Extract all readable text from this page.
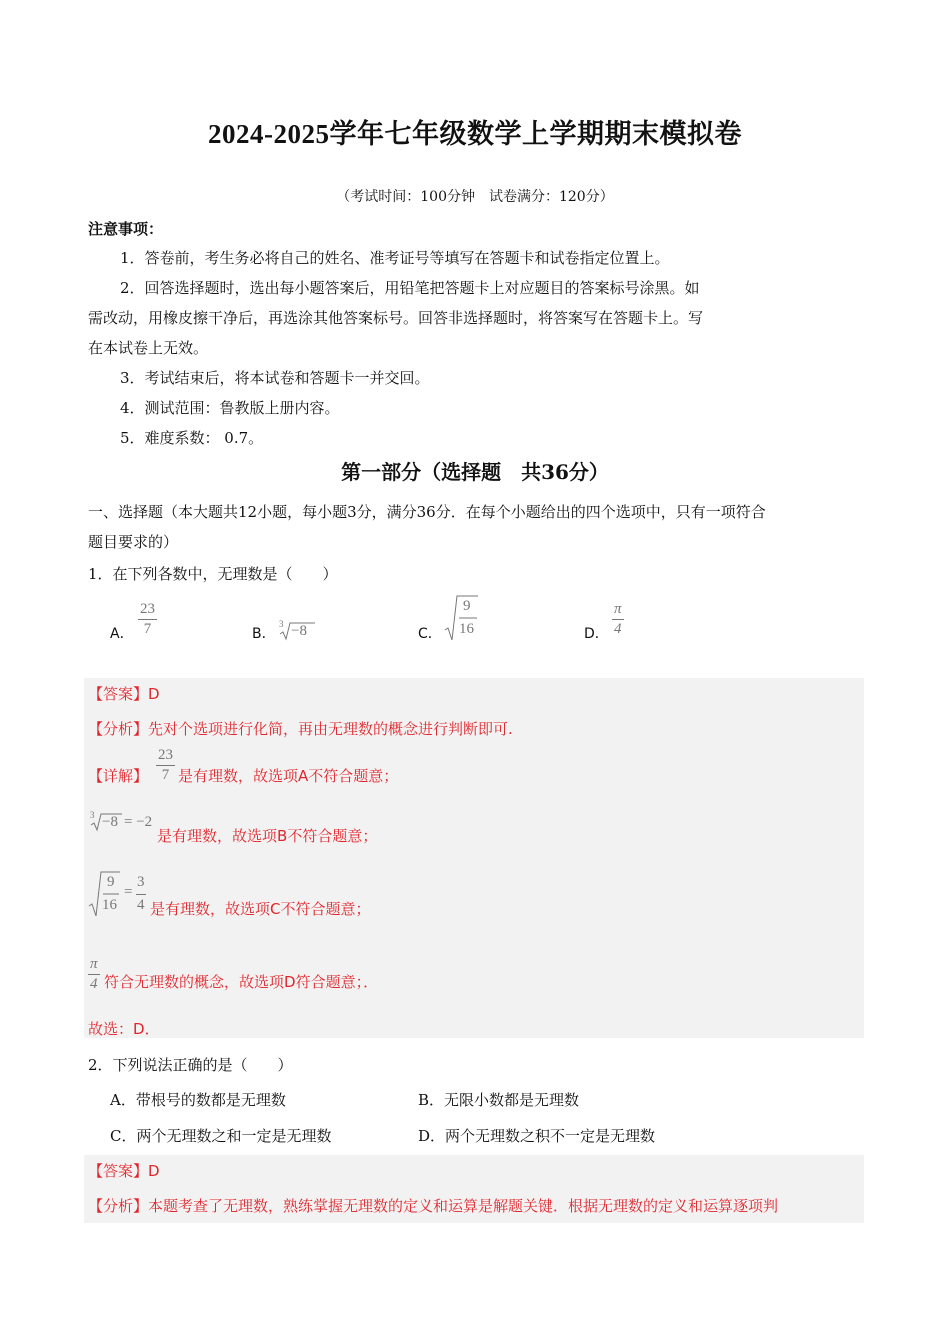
2024-2025学年七年级数学上学期期末模拟卷
（考试时间：100分钟　试卷满分：120分）
注意事项：
1．答卷前，考生务必将自己的姓名、准考证号等填写在答题卡和试卷指定位置上。
2．回答选择题时，选出每小题答案后，用铅笔把答题卡上对应题目的答案标号涂黑。如
需改动，用橡皮擦干净后，再选涂其他答案标号。回答非选择题时，将答案写在答题卡上。写
在本试卷上无效。
3．考试结束后，将本试卷和答题卡一并交回。
4．测试范围：鲁教版上册内容。
5．难度系数： 0.7。
第一部分（选择题　共36分）
一、选择题（本大题共12小题，每小题3分，满分36分．在每个小题给出的四个选项中，只有一项符合
题目要求的）
1．在下列各数中，无理数是（　　）
A． $\frac{23}{7}$	B．
3 −8	C．
9
16	D． $\frac{\pi}{4}$
【答案】D
【分析】先对个选项进行化简，再由无理数的概念进行判断即可.
【详解】 $\frac{23}{7}$ 是有理数，故选项A不符合题意；
3 −8 = −2
是有理数，故选项B不符合题意；
9
16
=
3
4 是有理数，故选项C不符合题意；
$\frac{\pi}{4}$ 符合无理数的概念，故选项D符合题意；．
故选：D．
2．下列说法正确的是（　　）
A．带根号的数都是无理数	B．无限小数都是无理数
C．两个无理数之和一定是无理数	D．两个无理数之积不一定是无理数
【答案】D
【分析】本题考查了无理数，熟练掌握无理数的定义和运算是解题关键．根据无理数的定义和运算逐项判
